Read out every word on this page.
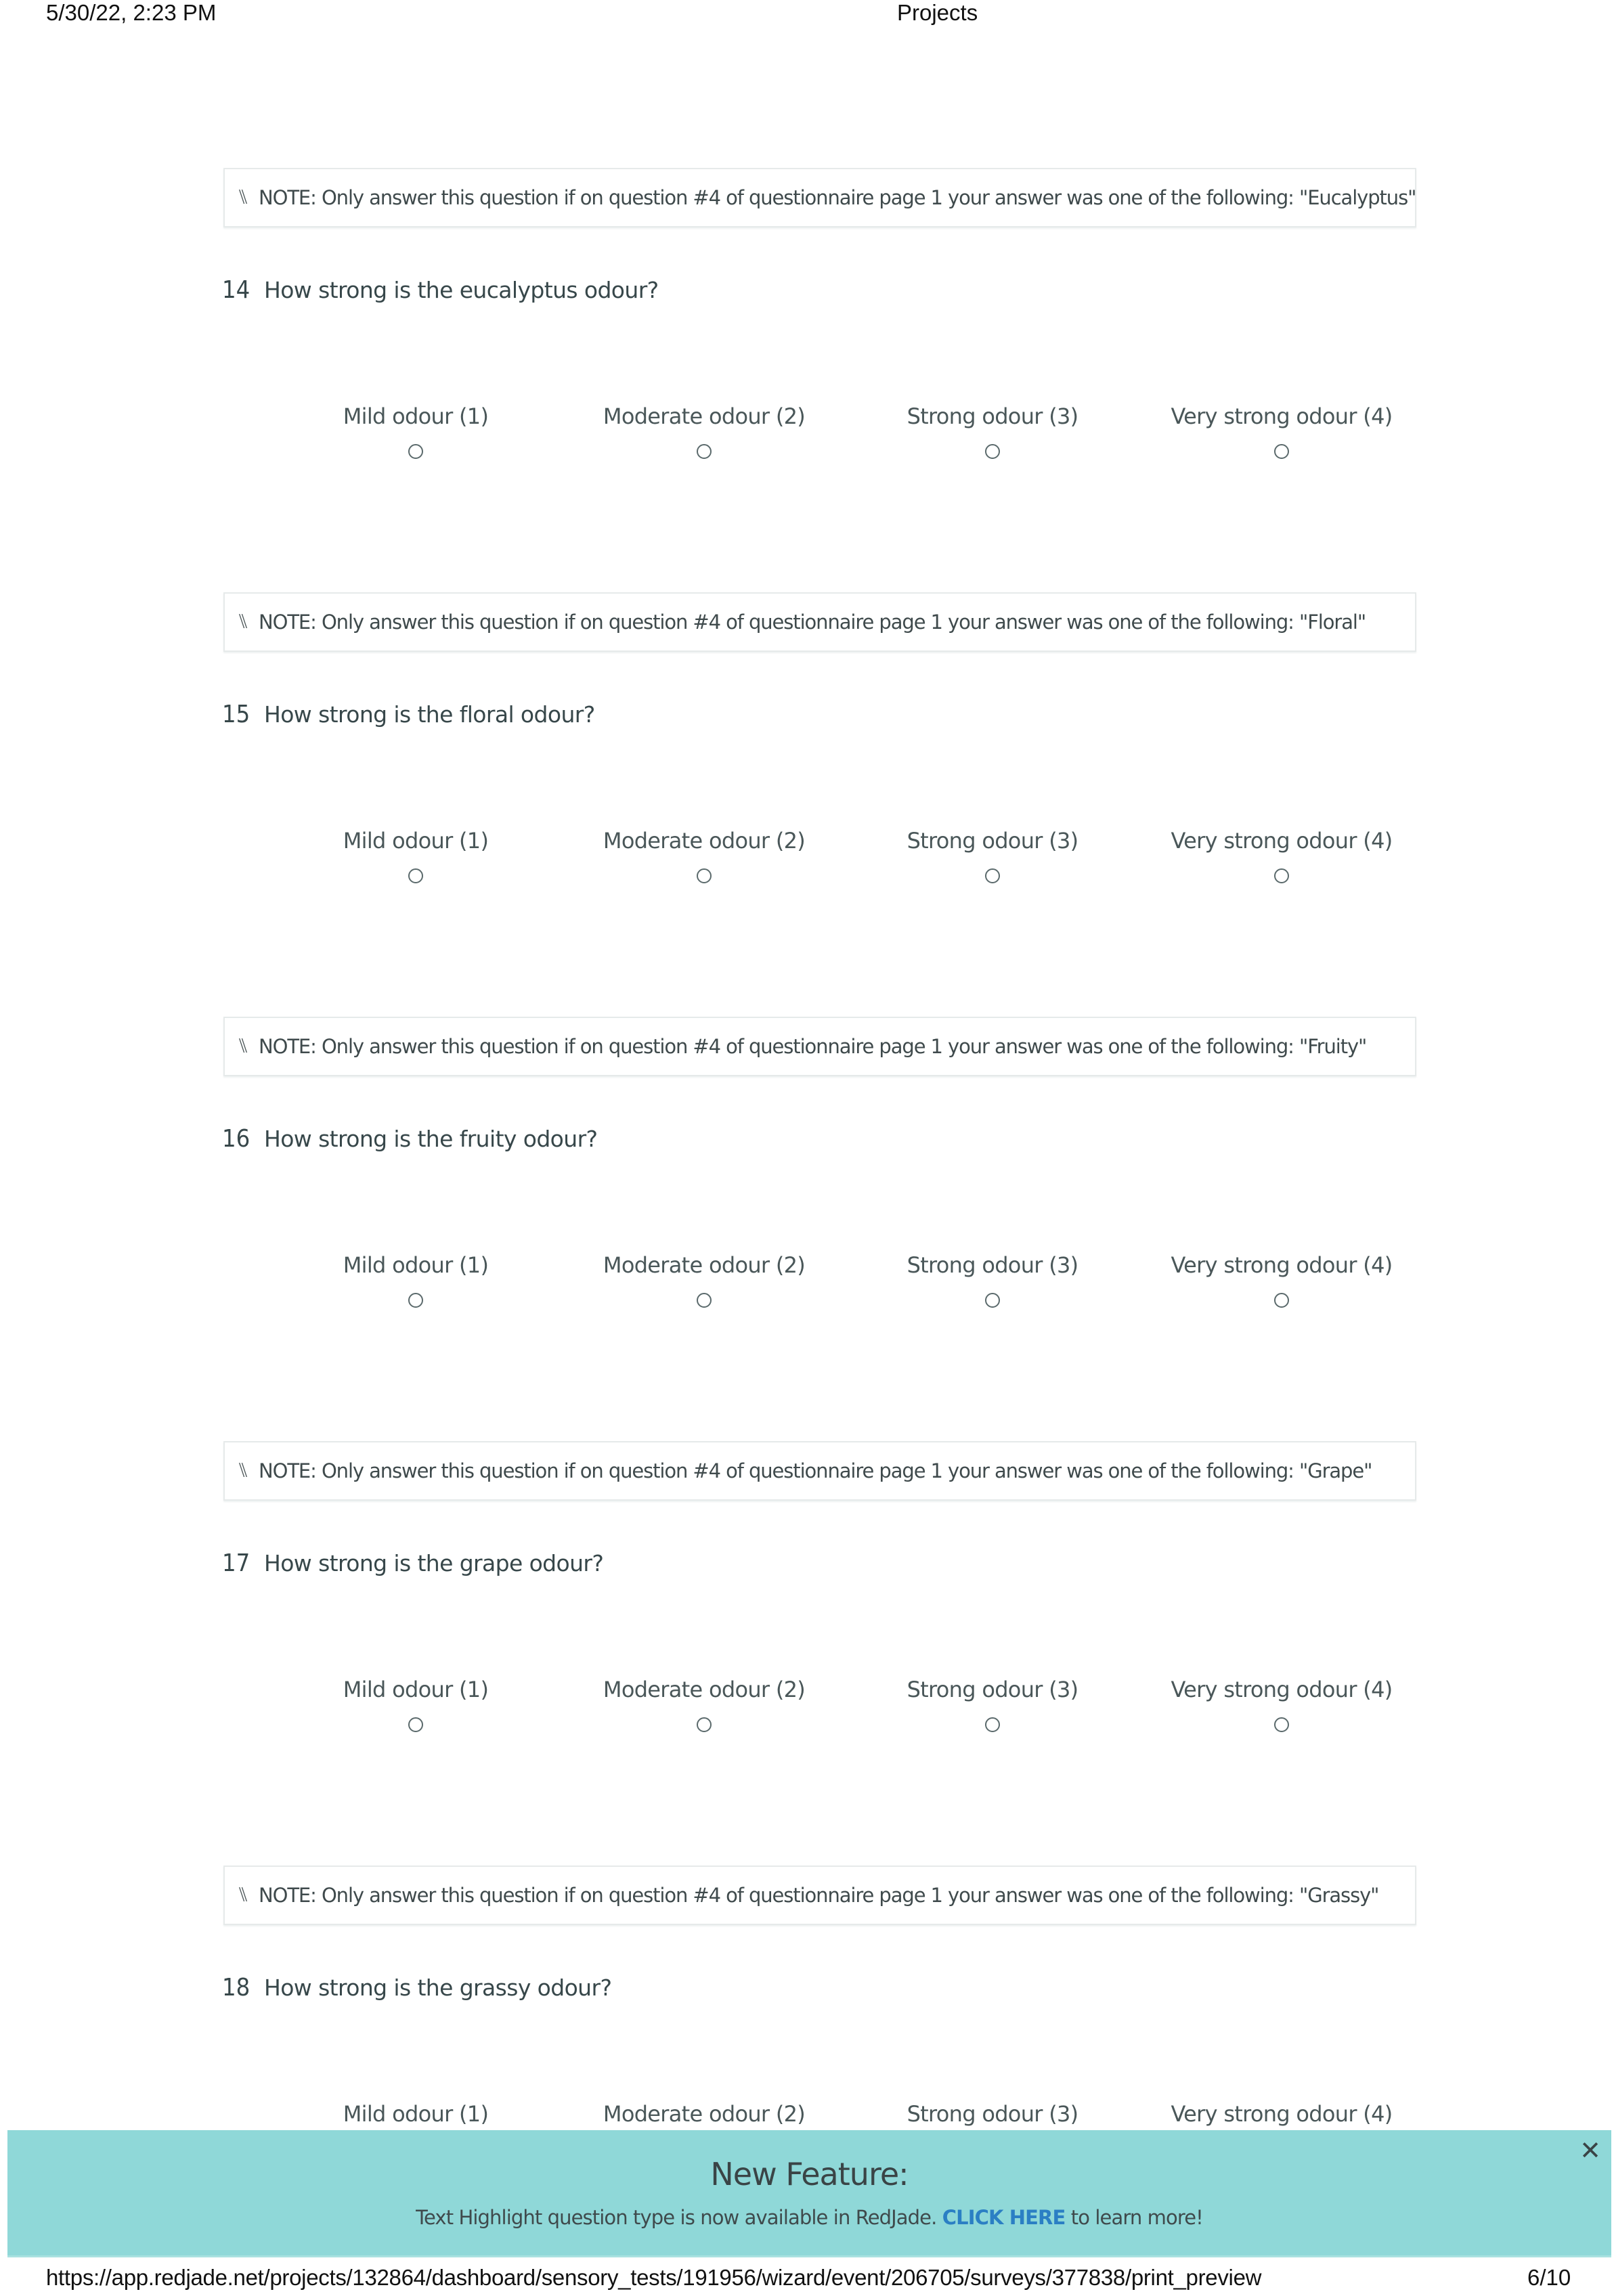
5/30/22, 2:23 PM	Projects
⑊ NOTE: Only answer this question if on question #4 of questionnaire page 1 your answer was one of the following: "Eucalyptus"
14 How strong is the eucalyptus odour?
Mild odour (1)	Moderate odour (2)	Strong odour (3)	Very strong odour (4)
⑊ NOTE: Only answer this question if on question #4 of questionnaire page 1 your answer was one of the following: "Floral"
15 How strong is the floral odour?
Mild odour (1)	Moderate odour (2)	Strong odour (3)	Very strong odour (4)
⑊ NOTE: Only answer this question if on question #4 of questionnaire page 1 your answer was one of the following: "Fruity"
16 How strong is the fruity odour?
Mild odour (1)	Moderate odour (2)	Strong odour (3)	Very strong odour (4)
⑊ NOTE: Only answer this question if on question #4 of questionnaire page 1 your answer was one of the following: "Grape"
17 How strong is the grape odour?
Mild odour (1)	Moderate odour (2)	Strong odour (3)	Very strong odour (4)
⑊ NOTE: Only answer this question if on question #4 of questionnaire page 1 your answer was one of the following: "Grassy"
18 How strong is the grassy odour?
Mild odour (1)	Moderate odour (2)	Strong odour (3)	Very strong odour (4)
New Feature:
Text Highlight question type is now available in RedJade. CLICK HERE to learn more!
✕
https://app.redjade.net/projects/132864/dashboard/sensory_tests/191956/wizard/event/206705/surveys/377838/print_preview	6/10
